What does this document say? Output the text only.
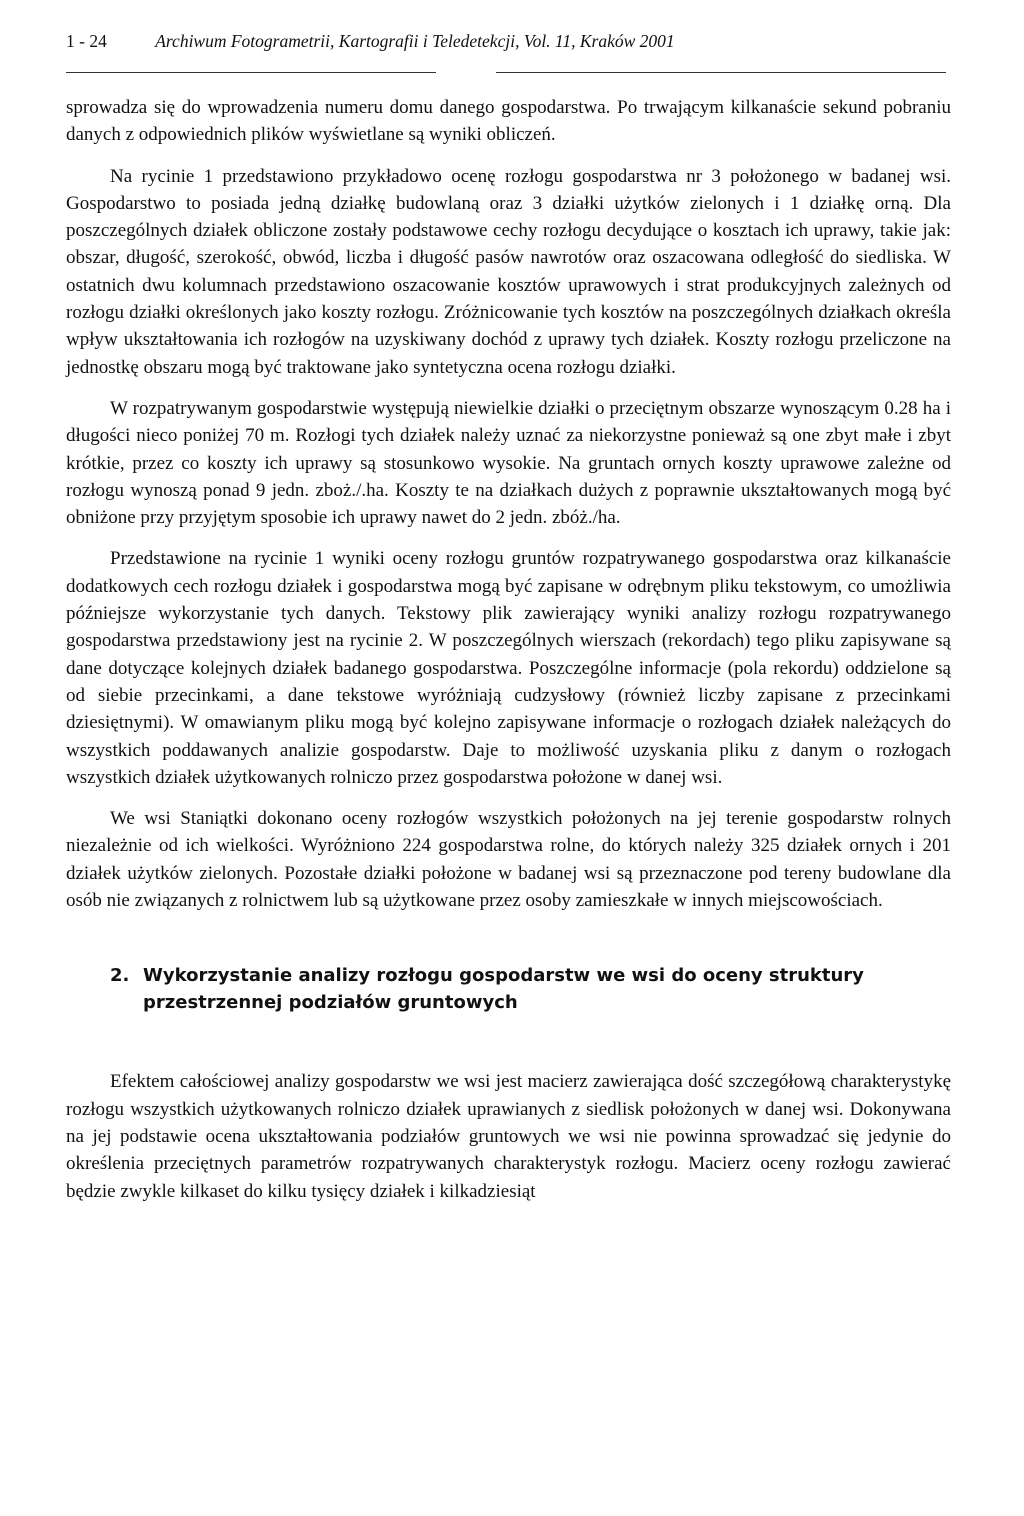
1 - 24	Archiwum Fotogrametrii, Kartografii i Teledetekcji, Vol. 11, Kraków 2001

sprowadza się do wprowadzenia numeru domu danego gospodarstwa. Po trwającym kilkanaście sekund pobraniu danych z odpowiednich plików wyświetlane są wyniki obliczeń.

Na rycinie 1 przedstawiono przykładowo ocenę rozłogu gospodarstwa nr 3 położonego w badanej wsi. Gospodarstwo to posiada jedną działkę budowlaną oraz 3 działki użytków zielonych i 1 działkę orną. Dla poszczególnych działek obliczone zostały podstawowe cechy rozłogu decydujące o kosztach ich uprawy, takie jak: obszar, długość, szerokość, obwód, liczba i długość pasów nawrotów oraz oszacowana odległość do siedliska. W ostatnich dwu kolumnach przedstawiono oszacowanie kosztów uprawowych i strat produkcyjnych zależnych od rozłogu działki określonych jako koszty rozłogu. Zróżnicowanie tych kosztów na poszczególnych działkach określa wpływ ukształtowania ich rozłogów na uzyskiwany dochód z uprawy tych działek. Koszty rozłogu przeliczone na jednostkę obszaru mogą być traktowane jako syntetyczna ocena rozłogu działki.

W rozpatrywanym gospodarstwie występują niewielkie działki o przeciętnym obszarze wynoszącym 0.28 ha i długości nieco poniżej 70 m. Rozłogi tych działek należy uznać za niekorzystne ponieważ są one zbyt małe i zbyt krótkie, przez co koszty ich uprawy są stosunkowo wysokie. Na gruntach ornych koszty uprawowe zależne od rozłogu wynoszą ponad 9 jedn. zboż./.ha. Koszty te na działkach dużych z poprawnie ukształtowanych mogą być obniżone przy przyjętym sposobie ich uprawy nawet do 2 jedn. zbóż./ha.

Przedstawione na rycinie 1 wyniki oceny rozłogu gruntów rozpatrywanego gospodarstwa oraz kilkanaście dodatkowych cech rozłogu działek i gospodarstwa mogą być zapisane w odrębnym pliku tekstowym, co umożliwia późniejsze wykorzystanie tych danych. Tekstowy plik zawierający wyniki analizy rozłogu rozpatrywanego gospodarstwa przedstawiony jest na rycinie 2. W poszczególnych wierszach (rekordach) tego pliku zapisywane są dane dotyczące kolejnych działek badanego gospodarstwa. Poszczególne informacje (pola rekordu) oddzielone są od siebie przecinkami, a dane tekstowe wyróżniają cudzysłowy (również liczby zapisane z przecinkami dziesiętnymi). W omawianym pliku mogą być kolejno zapisywane informacje o rozłogach działek należących do wszystkich poddawanych analizie gospodarstw. Daje to możliwość uzyskania pliku z danym o rozłogach wszystkich działek użytkowanych rolniczo przez gospodarstwa położone w danej wsi.

We wsi Staniątki dokonano oceny rozłogów wszystkich położonych na jej terenie gospodarstw rolnych niezależnie od ich wielkości. Wyróżniono 224 gospodarstwa rolne, do których należy 325 działek ornych i 201 działek użytków zielonych. Pozostałe działki położone w badanej wsi są przeznaczone pod tereny budowlane dla osób nie związanych z rolnictwem lub są użytkowane przez osoby zamieszkałe w innych miejscowościach.

2. Wykorzystanie analizy rozłogu gospodarstw we wsi do oceny struktury przestrzennej podziałów gruntowych

Efektem całościowej analizy gospodarstw we wsi jest macierz zawierająca dość szczegółową charakterystykę rozłogu wszystkich użytkowanych rolniczo działek uprawianych z siedlisk położonych w danej wsi. Dokonywana na jej podstawie ocena ukształtowania podziałów gruntowych we wsi nie powinna sprowadzać się jedynie do określenia przeciętnych parametrów rozpatrywanych charakterystyk rozłogu. Macierz oceny rozłogu zawierać będzie zwykle kilkaset do kilku tysięcy działek i kilkadziesiąt
